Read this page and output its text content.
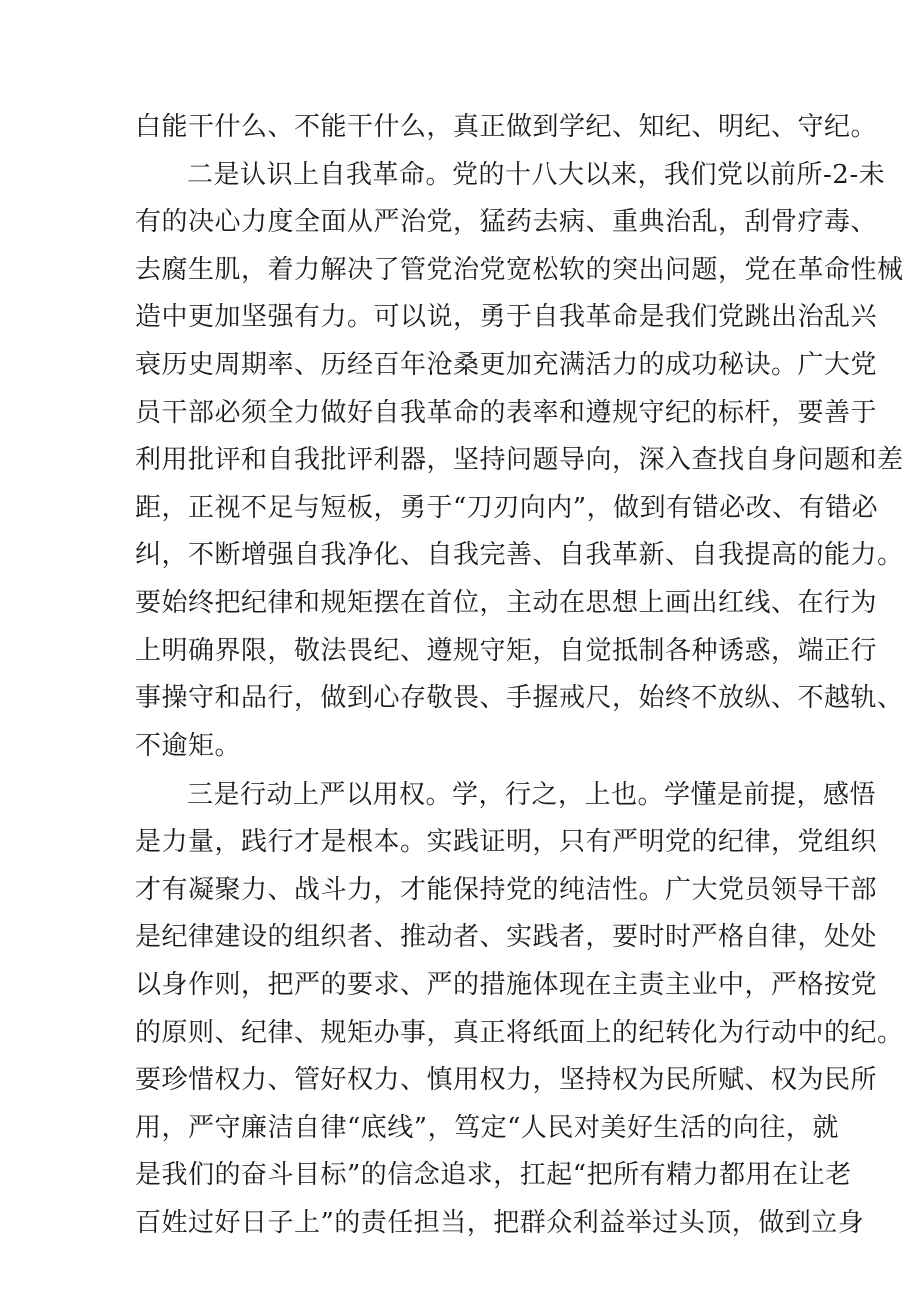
白能干什么、不能干什么，真正做到学纪、知纪、明纪、守纪。
二是认识上自我革命。党的十八大以来，我们党以前所-2-未
有的决心力度全面从严治党，猛药去病、重典治乱，刮骨疗毒、
去腐生肌，着力解决了管党治党宽松软的突出问题，党在革命性械
造中更加坚强有力。可以说，勇于自我革命是我们党跳出治乱兴
衰历史周期率、历经百年沧桑更加充满活力的成功秘诀。广大党
员干部必须全力做好自我革命的表率和遵规守纪的标杆，要善于
利用批评和自我批评利器，坚持问题导向，深入查找自身问题和差
距，正视不足与短板，勇于“刀刃向内”，做到有错必改、有错必
纠，不断增强自我净化、自我完善、自我革新、自我提高的能力。
要始终把纪律和规矩摆在首位，主动在思想上画出红线、在行为
上明确界限，敬法畏纪、遵规守矩，自觉抵制各种诱惑，端正行
事操守和品行，做到心存敬畏、手握戒尺，始终不放纵、不越轨、
不逾矩。
三是行动上严以用权。学，行之，上也。学懂是前提，感悟
是力量，践行才是根本。实践证明，只有严明党的纪律，党组织
才有凝聚力、战斗力，才能保持党的纯洁性。广大党员领导干部
是纪律建设的组织者、推动者、实践者，要时时严格自律，处处
以身作则，把严的要求、严的措施体现在主责主业中，严格按党
的原则、纪律、规矩办事，真正将纸面上的纪转化为行动中的纪。
要珍惜权力、管好权力、慎用权力，坚持权为民所赋、权为民所
用，严守廉洁自律“底线”，笃定“人民对美好生活的向往，就
是我们的奋斗目标”的信念追求，扛起“把所有精力都用在让老
百姓过好日子上”的责任担当，把群众利益举过头顶，做到立身
